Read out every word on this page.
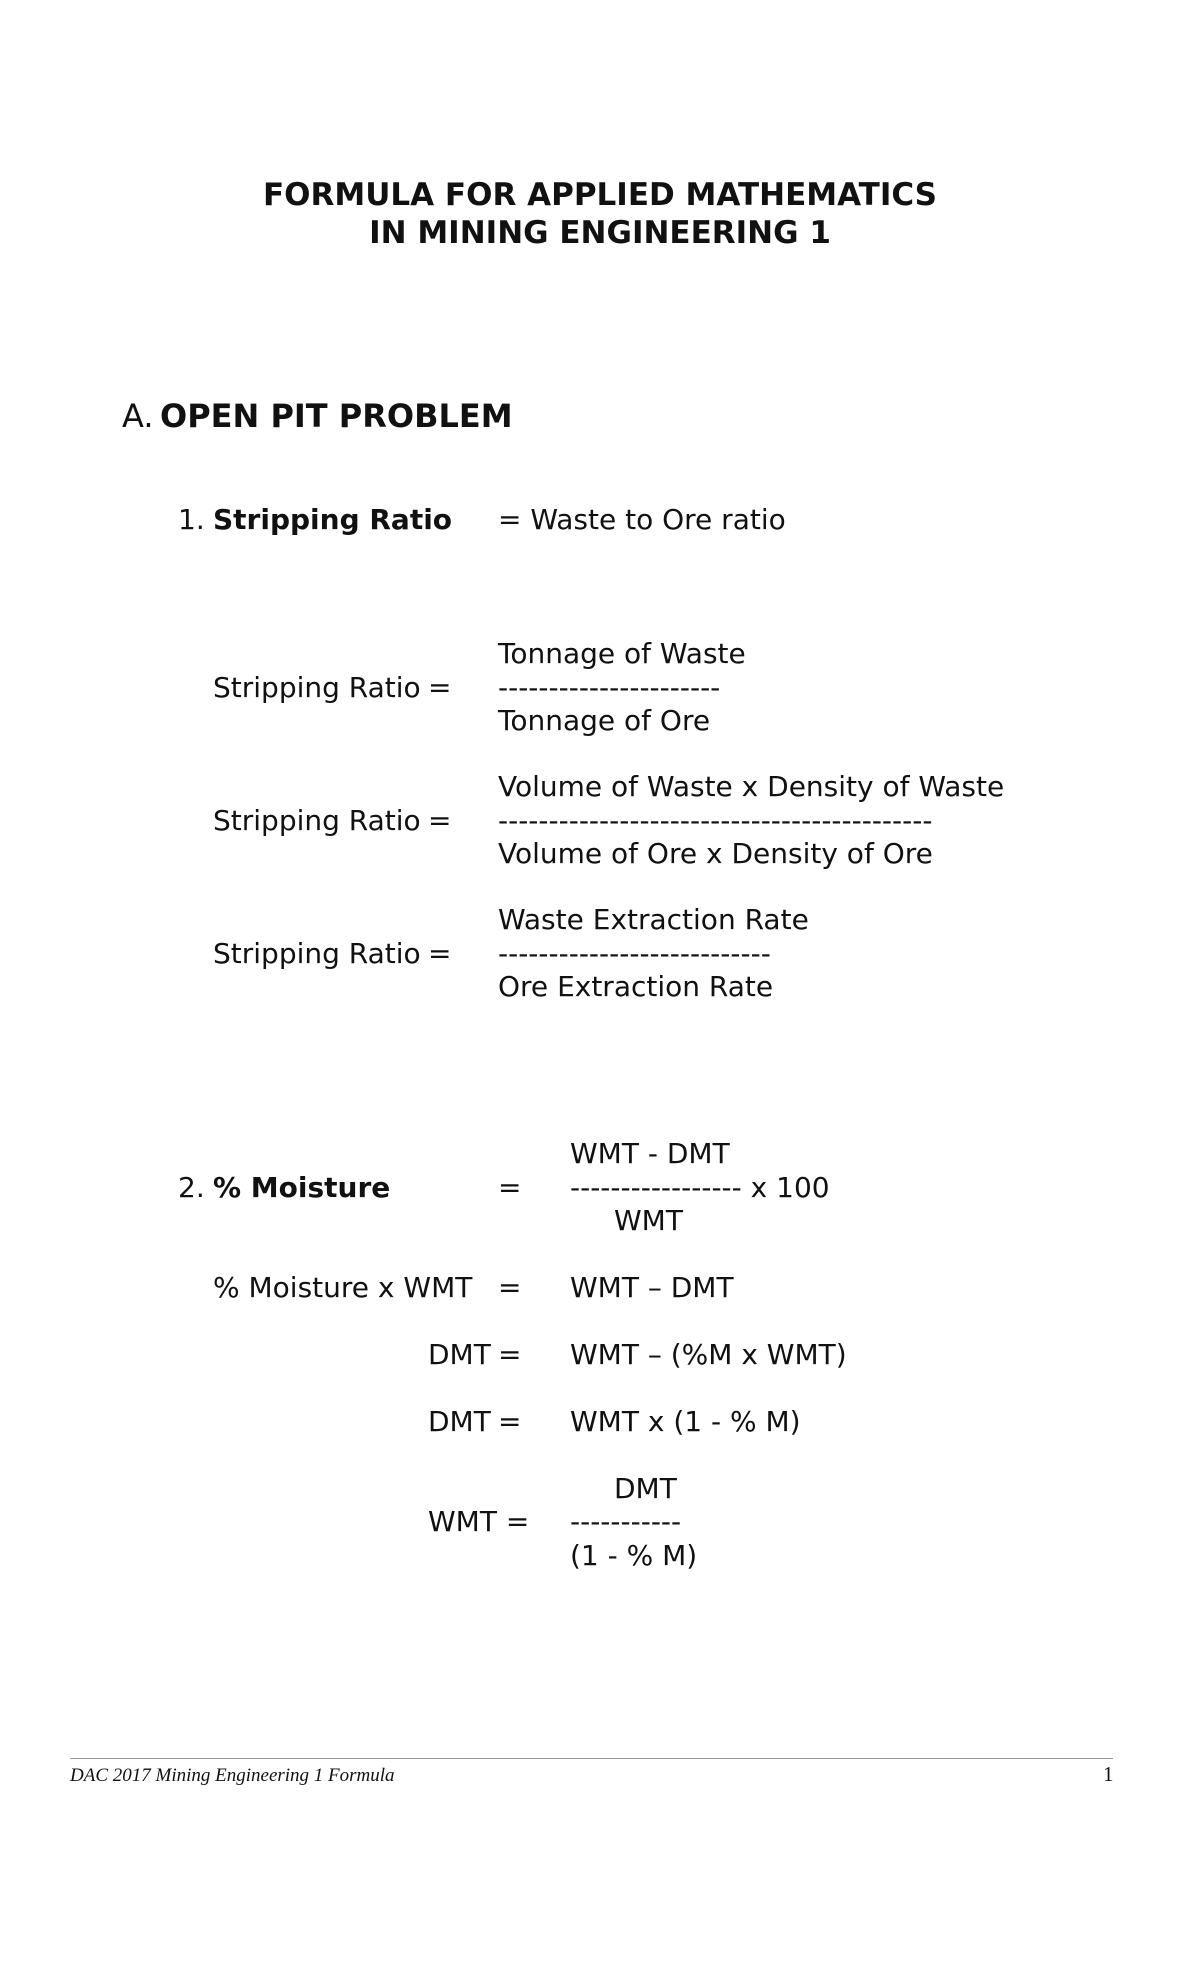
FORMULA FOR APPLIED MATHEMATICS
IN MINING ENGINEERING 1
A. OPEN PIT PROBLEM
1. Stripping Ratio = Waste to Ore ratio
Stripping Ratio =
Tonnage of Waste
----------------------
Tonnage of Ore
Stripping Ratio =
Volume of Waste x Density of Waste
-------------------------------------------
Volume of Ore x Density of Ore
Stripping Ratio =
Waste Extraction Rate
---------------------------
Ore Extraction Rate
2. % Moisture	=
WMT - DMT
----------------- x 100
WMT
% Moisture x WMT = WMT – DMT
DMT = WMT – (%M x WMT)
DMT = WMT x (1 - % M)
WMT =
DMT
-----------
(1 - % M)
DAC 2017 Mining Engineering 1 Formula	1
